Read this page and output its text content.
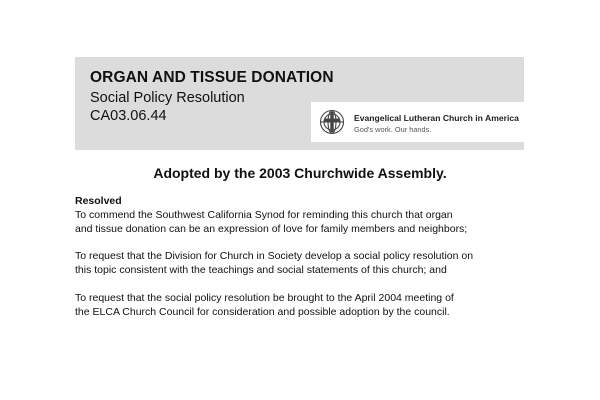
ORGAN AND TISSUE DONATION
Social Policy Resolution
CA03.06.44	Evangelical Lutheran Church in America
God's work. Our hands.
Adopted by the 2003 Churchwide Assembly.
Resolved
To commend the Southwest California Synod for reminding this church that organ
and tissue donation can be an expression of love for family members and neighbors;
To request that the Division for Church in Society develop a social policy resolution on
this topic consistent with the teachings and social statements of this church; and
To request that the social policy resolution be brought to the April 2004 meeting of
the ELCA Church Council for consideration and possible adoption by the council.
